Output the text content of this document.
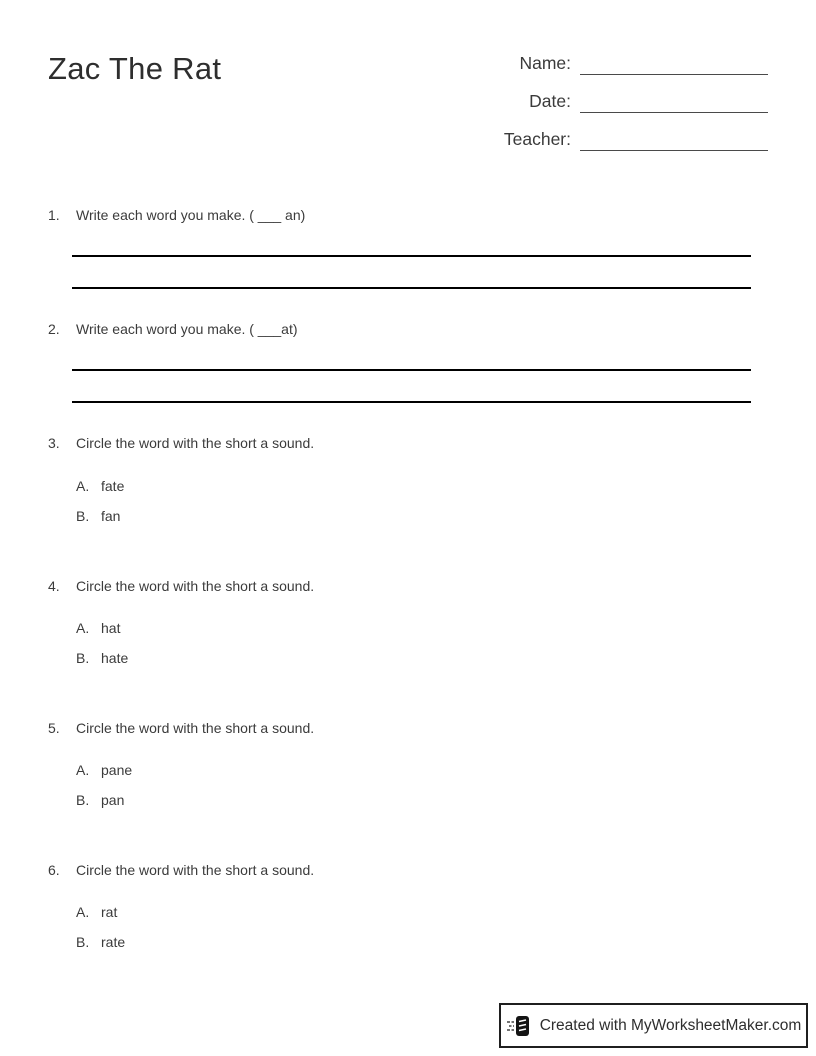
Zac The Rat	Name:
Date:
Teacher:
1.	Write each word you make. ( ___ an)
2.	Write each word you make. ( ___at)
3.	Circle the word with the short a sound.
A. fate
B. fan
4.	Circle the word with the short a sound.
A. hat
B. hate
5.	Circle the word with the short a sound.
A. pane
B. pan
6.	Circle the word with the short a sound.
A. rat
B. rate
Created with MyWorksheetMaker.com
